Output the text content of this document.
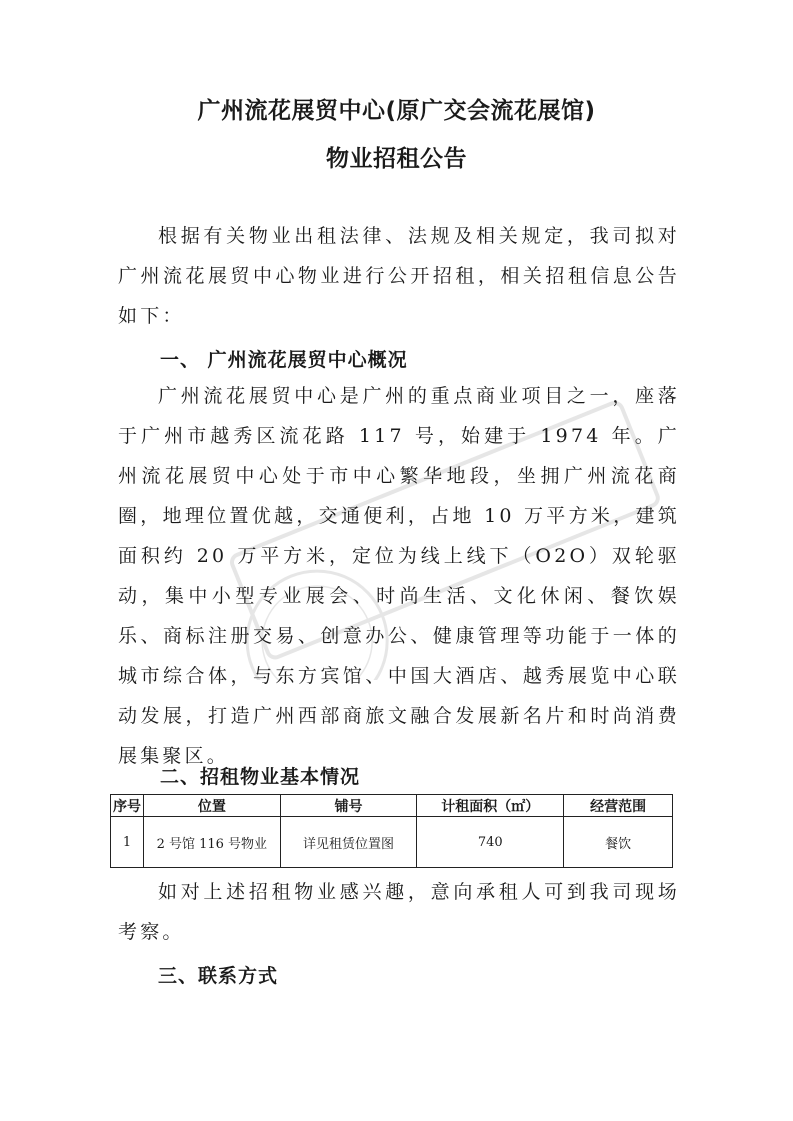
广州流花展贸中心(原广交会流花展馆)
物业招租公告

根据有关物业出租法律、法规及相关规定，我司拟对广州流花展贸中心物业进行公开招租，相关招租信息公告如下：

一、 广州流花展贸中心概况

广州流花展贸中心是广州的重点商业项目之一，座落于广州市越秀区流花路 117 号，始建于 1974 年。广州流花展贸中心处于市中心繁华地段，坐拥广州流花商圈，地理位置优越，交通便利，占地 10 万平方米，建筑面积约 20 万平方米，定位为线上线下（O2O）双轮驱动，集中小型专业展会、时尚生活、文化休闲、餐饮娱乐、商标注册交易、创意办公、健康管理等功能于一体的城市综合体，与东方宾馆、中国大酒店、越秀展览中心联动发展，打造广州西部商旅文融合发展新名片和时尚消费展集聚区。

二、招租物业基本情况
序号	位置	铺号	计租面积（㎡）	经营范围
1	2 号馆 116 号物业	详见租赁位置图	740	餐饮

如对上述招租物业感兴趣，意向承租人可到我司现场考察。

三、联系方式
